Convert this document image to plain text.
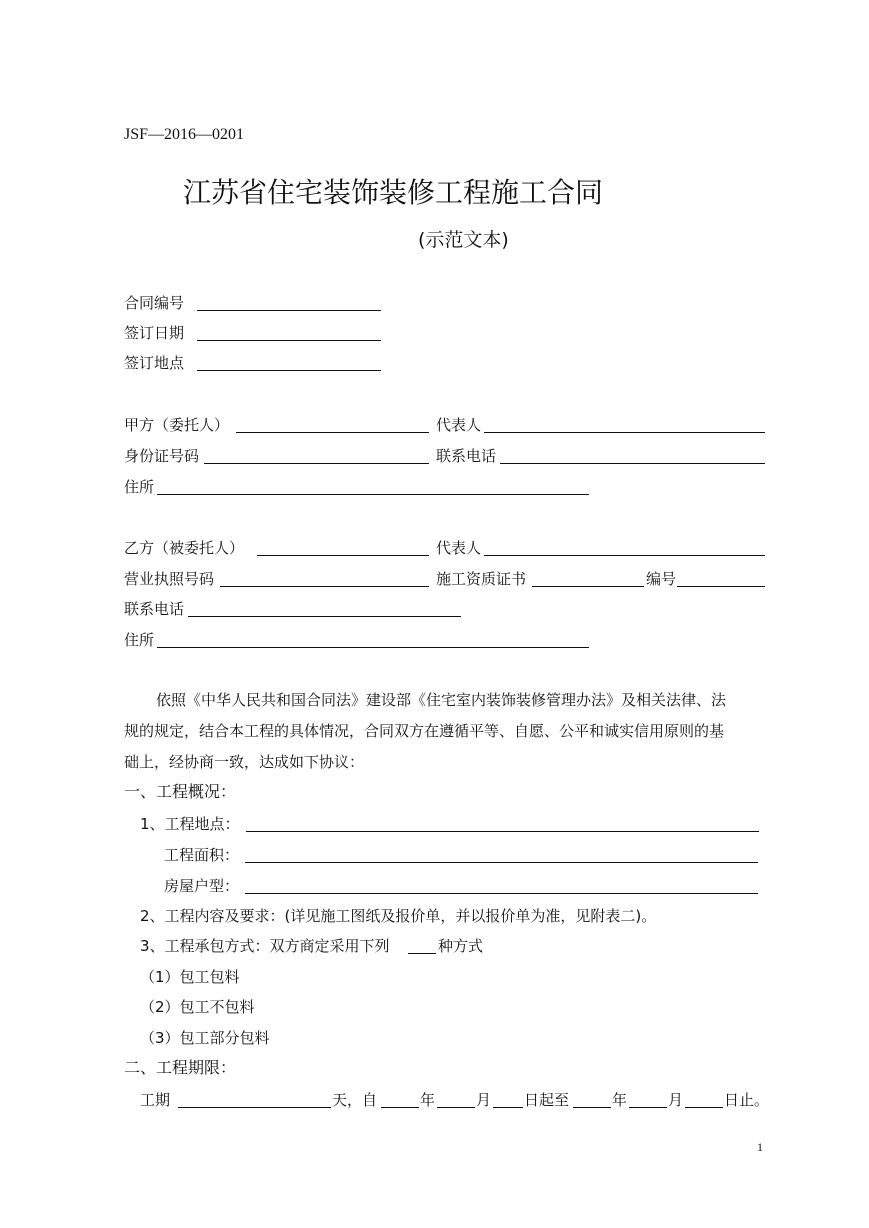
JSF—2016—0201
江苏省住宅装饰装修工程施工合同
(示范文本)
合同编号
签订日期
签订地点
甲方（委托人）	代表人
身份证号码	联系电话
住所
乙方（被委托人）	代表人
营业执照号码	施工资质证书	编号
联系电话
住所
依照《中华人民共和国合同法》建设部《住宅室内装饰装修管理办法》及相关法律、法
规的规定，结合本工程的具体情况，合同双方在遵循平等、自愿、公平和诚实信用原则的基
础上，经协商一致，达成如下协议：
一、工程概况：
1、工程地点：
工程面积：
房屋户型：
2、工程内容及要求：(详见施工图纸及报价单，并以报价单为准，见附表二)。
3、工程承包方式：双方商定采用下列	种方式
（1）包工包料
（2）包工不包料
（3）包工部分包料
二、工程期限：
工期	天，自	年	月 日起至	年	月	日止。
1
